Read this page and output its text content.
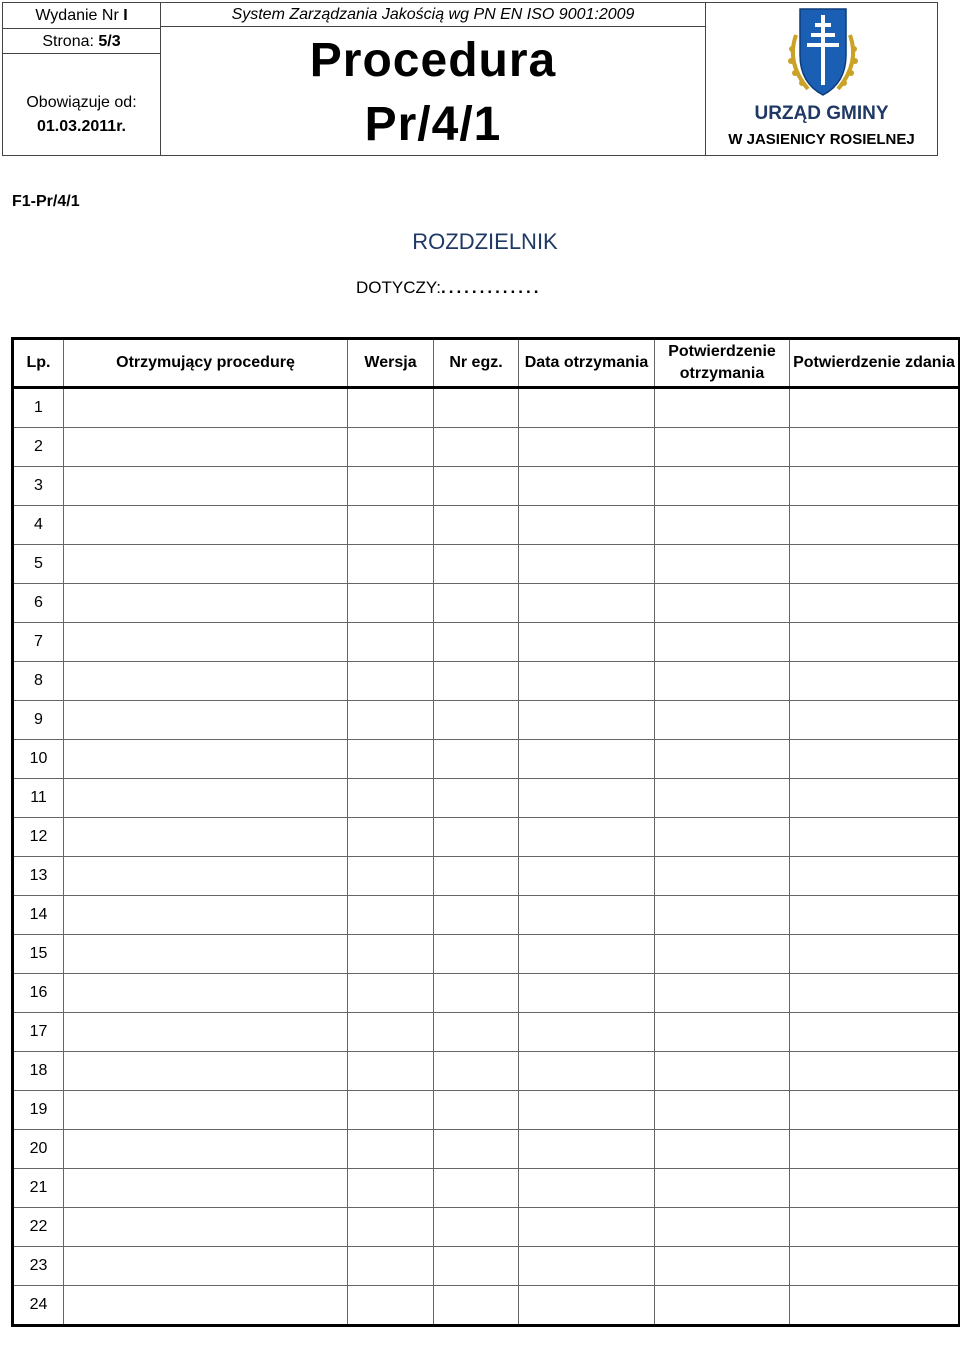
Wydanie Nr I
Strona: 5/3
Obowiązuje od:
01.03.2011r.
System Zarządzania Jakością wg PN EN ISO 9001:2009
Procedura
Pr/4/1	URZĄD GMINY
W JASIENICY ROSIELNEJ
F1-Pr/4/1
ROZDZIELNIK
DOTYCZY:.............
Lp.	Otrzymujący procedurę	Wersja	Nr egz.	Data otrzymania	Potwierdzenie otrzymania	Potwierdzenie zdania
1						
2						
3						
4						
5						
6						
7						
8						
9						
10						
11						
12						
13						
14						
15						
16						
17						
18						
19						
20						
21						
22						
23						
24						
